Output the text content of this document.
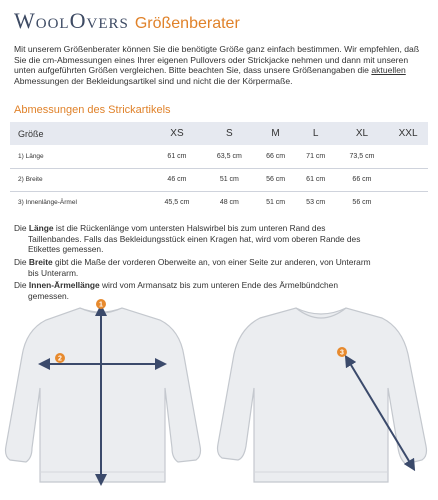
WoolOvers Größenberater

Mit unserem Größenberater können Sie die benötigte Größe ganz einfach bestimmen. Wir empfehlen, daß Sie die cm-Abmessungen eines Ihrer eigenen Pullovers oder Strickjacke nehmen und dann mit unseren unten aufgeführten Größen vergleichen. Bitte beachten Sie, dass unsere Größenangaben die aktuellen Abmessungen der Bekleidungsartikel sind und nicht die der Körpermaße.

Abmessungen des Strickartikels
Größe	XS	S	M	L	XL	XXL
1) Länge	61 cm	63,5 cm	66 cm	71 cm	73,5 cm	
2) Breite	46 cm	51 cm	56 cm	61 cm	66 cm	
3) Innenlänge-Ärmel	45,5 cm	48 cm	51 cm	53 cm	56 cm	
Die Länge ist die Rückenlänge vom untersten Halswirbel bis zum unteren Rand des
Taillenbandes. Falls das Bekleidungsstück einen Kragen hat, wird vom oberen Rande des
Etikettes gemessen.
Die Breite gibt die Maße der vorderen Oberweite an, von einer Seite zur anderen, von Unterarm
bis Unterarm.
Die Innen-Ärmellänge wird vom Armansatz bis zum unteren Ende des Ärmelbündchen
gemessen.
1
2
3
